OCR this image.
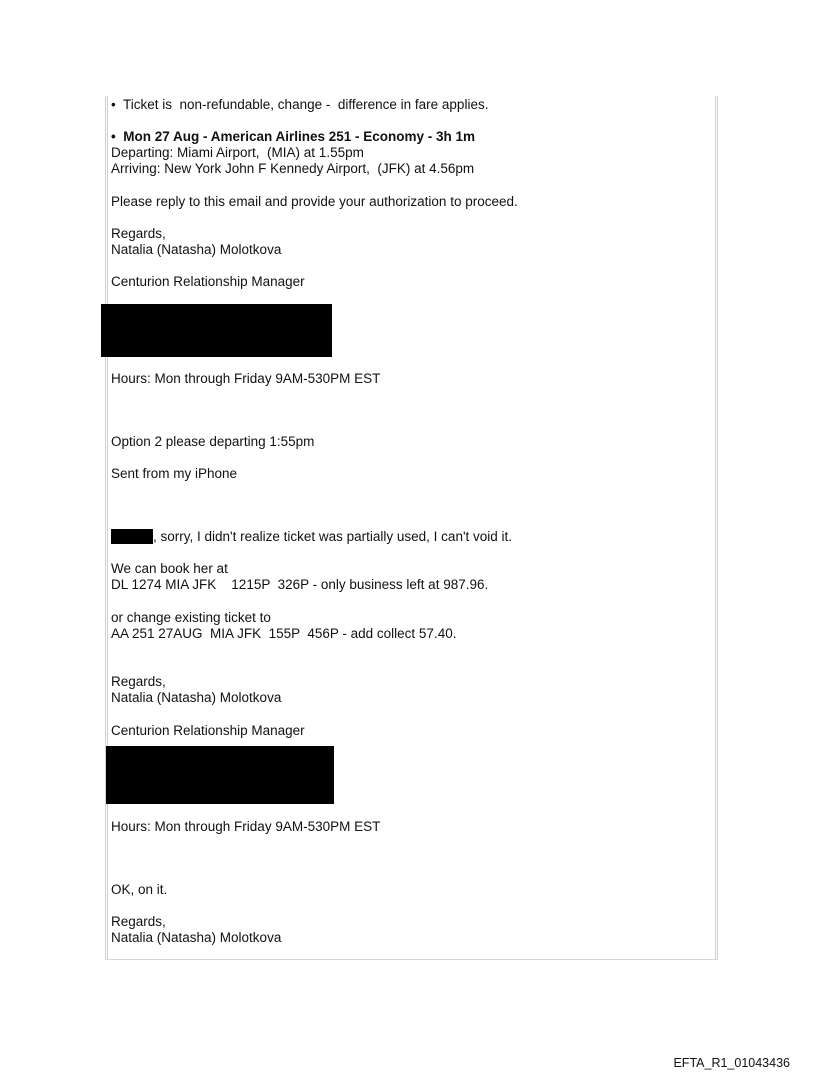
•  Ticket is  non-refundable, change -  difference in fare applies.
•  Mon 27 Aug - American Airlines 251 - Economy - 3h 1m
Departing: Miami Airport,  (MIA) at 1.55pm
Arriving: New York John F Kennedy Airport,  (JFK) at 4.56pm
Please reply to this email and provide your authorization to proceed.
Regards,
Natalia (Natasha) Molotkova
Centurion Relationship Manager
Hours: Mon through Friday 9AM-530PM EST
Option 2 please departing 1:55pm
Sent from my iPhone
, sorry, I didn't realize ticket was partially used, I can't void it.
We can book her at
DL 1274 MIA JFK    1215P  326P - only business left at 987.96.
or change existing ticket to
AA 251 27AUG  MIA JFK  155P  456P - add collect 57.40.
Regards,
Natalia (Natasha) Molotkova
Centurion Relationship Manager
Hours: Mon through Friday 9AM-530PM EST
OK, on it.
Regards,
Natalia (Natasha) Molotkova
EFTA_R1_01043436
